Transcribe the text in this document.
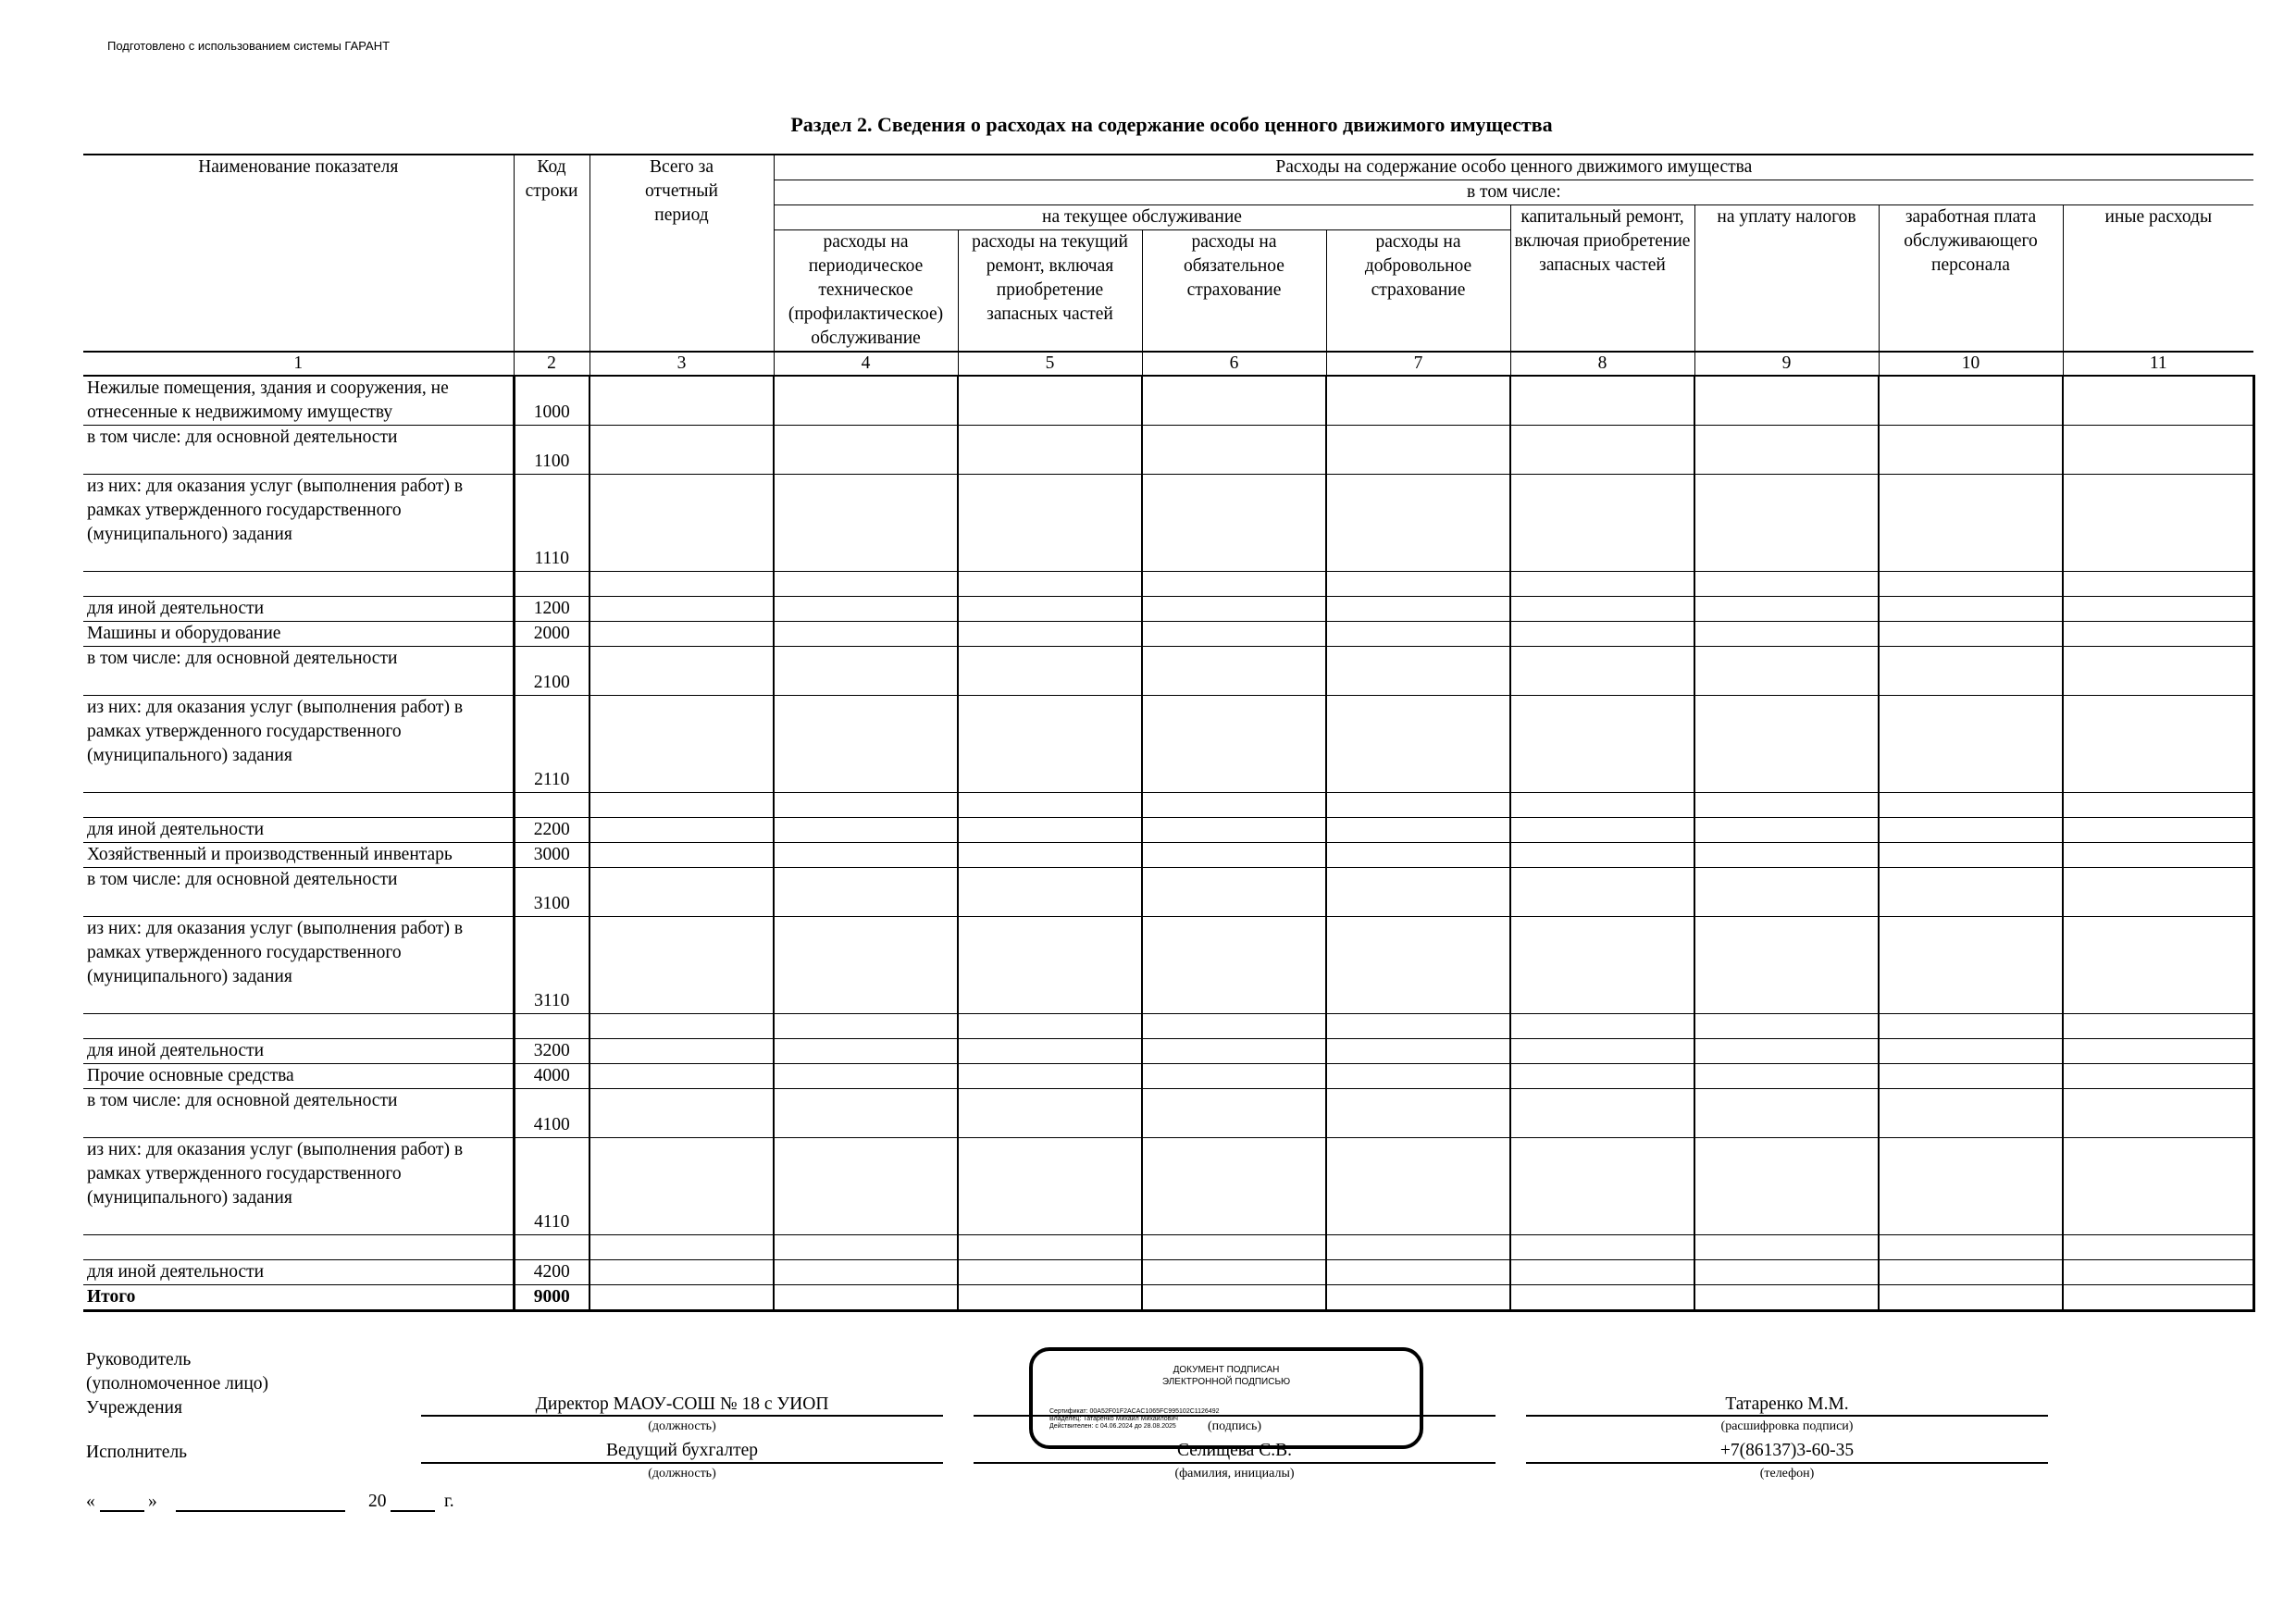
Подготовлено с использованием системы ГАРАНТ
Раздел 2. Сведения о расходах на содержание особо ценного движимого имущества
Наименование показателя	Код строки	Всего за отчетный период	Расходы на содержание особо ценного движимого имущества							
			в том числе:							
			на текущее обслуживание				капитальный ремонт, включая приобретение запасных частей	на уплату налогов	заработная плата обслуживающего персонала	иные расходы
			расходы на периодическое техническое (профилактическое) обслуживание	расходы на текущий ремонт, включая приобретение запасных частей	расходы на обязательное страхование	расходы на добровольное страхование				
1	2	3	4	5	6	7	8	9	10	11
Нежилые помещения, здания и сооружения, не отнесенные к недвижимому имуществу	1000									
в том числе: для основной деятельности	1100									
из них: для оказания услуг (выполнения работ) в рамках утвержденного государственного (муниципального) задания	1110									

для иной деятельности	1200									
Машины и оборудование	2000									
в том числе: для основной деятельности	2100									
из них: для оказания услуг (выполнения работ) в рамках утвержденного государственного (муниципального) задания	2110									

для иной деятельности	2200									
Хозяйственный и производственный инвентарь	3000									
в том числе: для основной деятельности	3100									
из них: для оказания услуг (выполнения работ) в рамках утвержденного государственного (муниципального) задания	3110									

для иной деятельности	3200									
Прочие основные средства	4000									
в том числе: для основной деятельности	4100									
из них: для оказания услуг (выполнения работ) в рамках утвержденного государственного (муниципального) задания	4110									

для иной деятельности	4200									
Итого	9000									
Руководитель
(уполномоченное лицо)
Учреждения	Директор МАОУ-СОШ № 18 с УИОП
(должность)	(подпись)
Татаренко М.М.
(расшифровка подписи)
Исполнитель	Ведущий бухгалтер
(должность)
Селищева С.В.
(фамилия, инициалы)
+7(86137)3-60-35
(телефон)
«	»	20	г.
ДОКУМЕНТ ПОДПИСАН
ЭЛЕКТРОННОЙ ПОДПИСЬЮ
Сертификат: 00A52F01F2ACAC1065FC995102C1126492
Владелец: Татаренко Михаил Михайлович
Действителен: с 04.06.2024 до 28.08.2025
